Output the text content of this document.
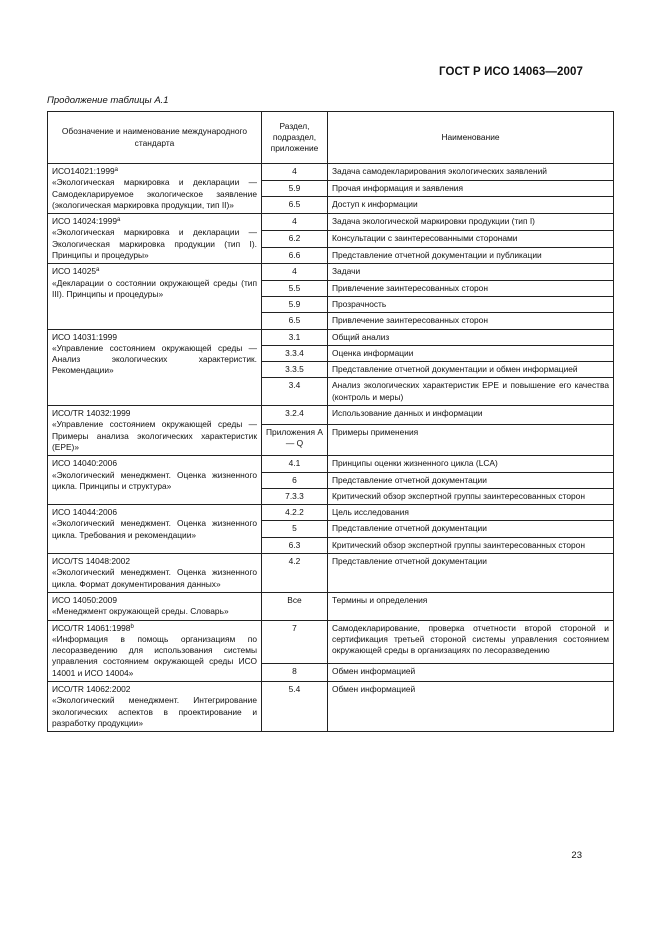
ГОСТ Р ИСО 14063—2007
Продолжение таблицы А.1
Обозначение и наименование международного стандарта	Раздел, подраздел, приложение	Наименование

$ИСО14021:1999^а$
«Экологическая маркировка и декларации — Самодекларируемое экологическое заявление (экологическая маркировка продукции, тип II)»	4	Задача самодекларирования экологических заявлений
	5.9	Прочая информация и заявления
	6.5	Доступ к информации

ИСО $14024:1999^а$
«Экологическая маркировка и декларации — Экологическая маркировка продукции (тип I). Принципы и процедуры»	4	Задача экологической маркировки продукции (тип I)
	6.2	Консультации с заинтересованными сторонами
	6.6	Представление отчетной документации и публикации

ИСО $14025^а$
«Декларации о состоянии окружающей среды (тип III). Принципы и процедуры»	4	Задачи
	5.5	Привлечение заинтересованных сторон
	5.9	Прозрачность
	6.5	Привлечение заинтересованных сторон

ИСО 14031:1999
«Управление состоянием окружающей среды — Анализ экологических характеристик. Рекомендации»	3.1	Общий анализ
	3.3.4	Оценка информации
	3.3.5	Представление отчетной документации и обмен информацией
	3.4	Анализ экологических характеристик ЕРЕ и повышение его качества (контроль и меры)

ИСО/TR 14032:1999
«Управление состоянием окружающей среды — Примеры анализа экологических характеристик (ЕРЕ)»	3.2.4	Использование данных и информации
	Приложения А — Q	Примеры применения

ИСО 14040:2006
«Экологический менеджмент. Оценка жизненного цикла. Принципы и структура»	4.1	Принципы оценки жизненного цикла (LCA)
	6	Представление отчетной документации
	7.3.3	Критический обзор экспертной группы заинтересованных сторон

ИСО 14044:2006
«Экологический менеджмент. Оценка жизненного цикла. Требования и рекомендации»	4.2.2	Цель исследования
	5	Представление отчетной документации
	6.3	Критический обзор экспертной группы заинтересованных сторон

ИСО/TS 14048:2002
«Экологический менеджмент. Оценка жизненного цикла. Формат документирования данных»	4.2	Представление отчетной документации

ИСО 14050:2009
«Менеджмент окружающей среды. Словарь»	Все	Термины и определения

ИСО/TR 14061:1998$^b$
«Информация в помощь организациям по лесоразведению для использования системы управления состоянием окружающей среды ИСО 14001 и ИСО 14004»	7	Самодекларирование, проверка отчетности второй стороной и сертификация третьей стороной системы управления состоянием окружающей среды в организациях по лесоразведению
	8	Обмен информацией

ИСО/TR 14062:2002
«Экологический менеджмент. Интегрирование экологических аспектов в проектирование и разработку продукции»	5.4	Обмен информацией
23
